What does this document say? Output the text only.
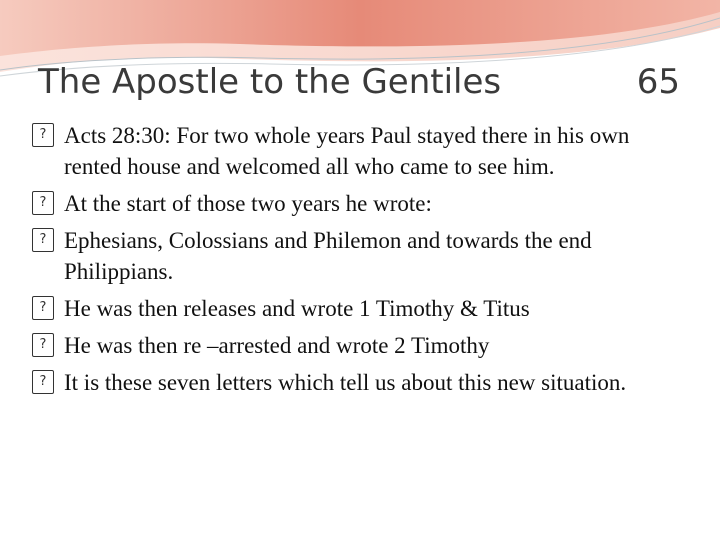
The Apostle to the Gentiles	65
? Acts 28:30: For two whole years Paul stayed there in his own rented house and welcomed all who came to see him.
? At the start of those two years he wrote:
? Ephesians, Colossians and Philemon and towards the end Philippians.
? He was then releases and wrote 1 Timothy & Titus
? He was then re –arrested and wrote 2 Timothy
? It is these seven letters which tell us about this new situation.
